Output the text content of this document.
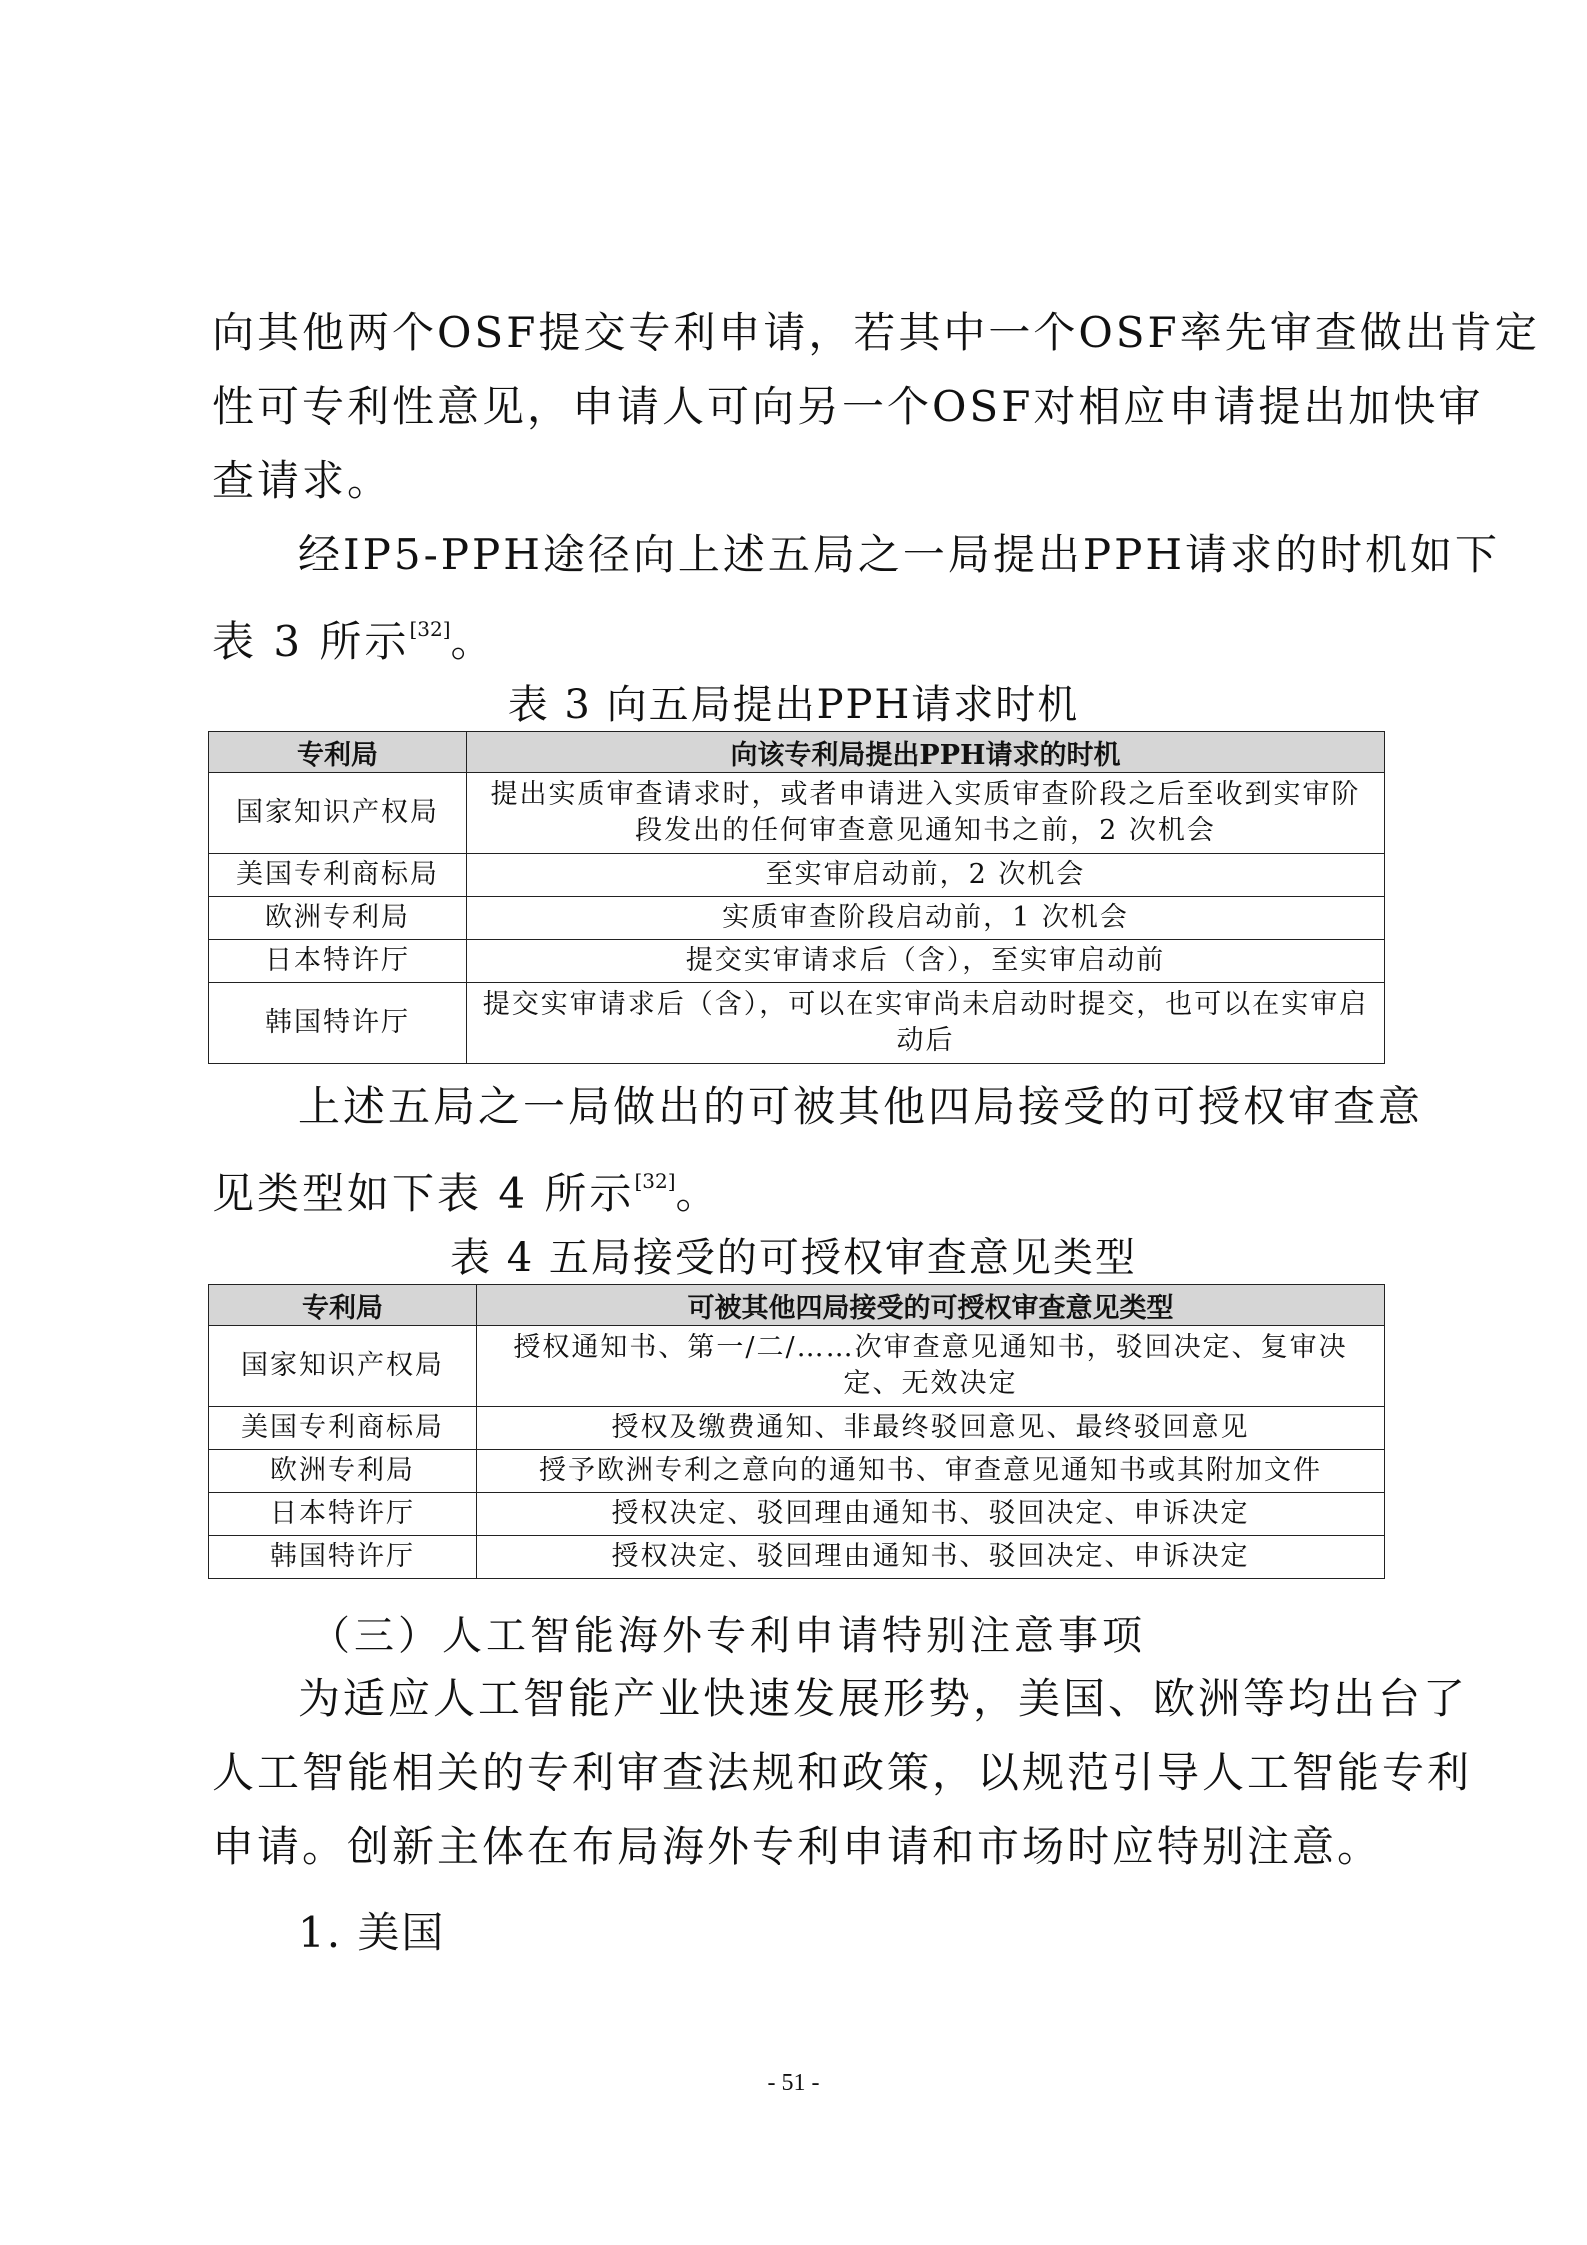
向其他两个OSF提交专利申请，若其中一个OSF率先审查做出肯定
性可专利性意见，申请人可向另一个OSF对相应申请提出加快审
查请求。
经IP5-PPH途径向上述五局之一局提出PPH请求的时机如下
表 3 所示[32]。
表 3 向五局提出PPH请求时机
专利局	向该专利局提出PPH请求的时机
国家知识产权局	提出实质审查请求时，或者申请进入实质审查阶段之后至收到实审阶段发出的任何审查意见通知书之前，2 次机会
美国专利商标局	至实审启动前，2 次机会
欧洲专利局	实质审查阶段启动前，1 次机会
日本特许厅	提交实审请求后（含），至实审启动前
韩国特许厅	提交实审请求后（含），可以在实审尚未启动时提交，也可以在实审启动后
上述五局之一局做出的可被其他四局接受的可授权审查意
见类型如下表 4 所示[32]。
表 4 五局接受的可授权审查意见类型
专利局	可被其他四局接受的可授权审查意见类型
国家知识产权局	授权通知书、第一/二/……次审查意见通知书，驳回决定、复审决定、无效决定
美国专利商标局	授权及缴费通知、非最终驳回意见、最终驳回意见
欧洲专利局	授予欧洲专利之意向的通知书、审查意见通知书或其附加文件
日本特许厅	授权决定、驳回理由通知书、驳回决定、申诉决定
韩国特许厅	授权决定、驳回理由通知书、驳回决定、申诉决定
（三）人工智能海外专利申请特别注意事项
为适应人工智能产业快速发展形势，美国、欧洲等均出台了
人工智能相关的专利审查法规和政策，以规范引导人工智能专利
申请。创新主体在布局海外专利申请和市场时应特别注意。
1. 美国
- 51 -
